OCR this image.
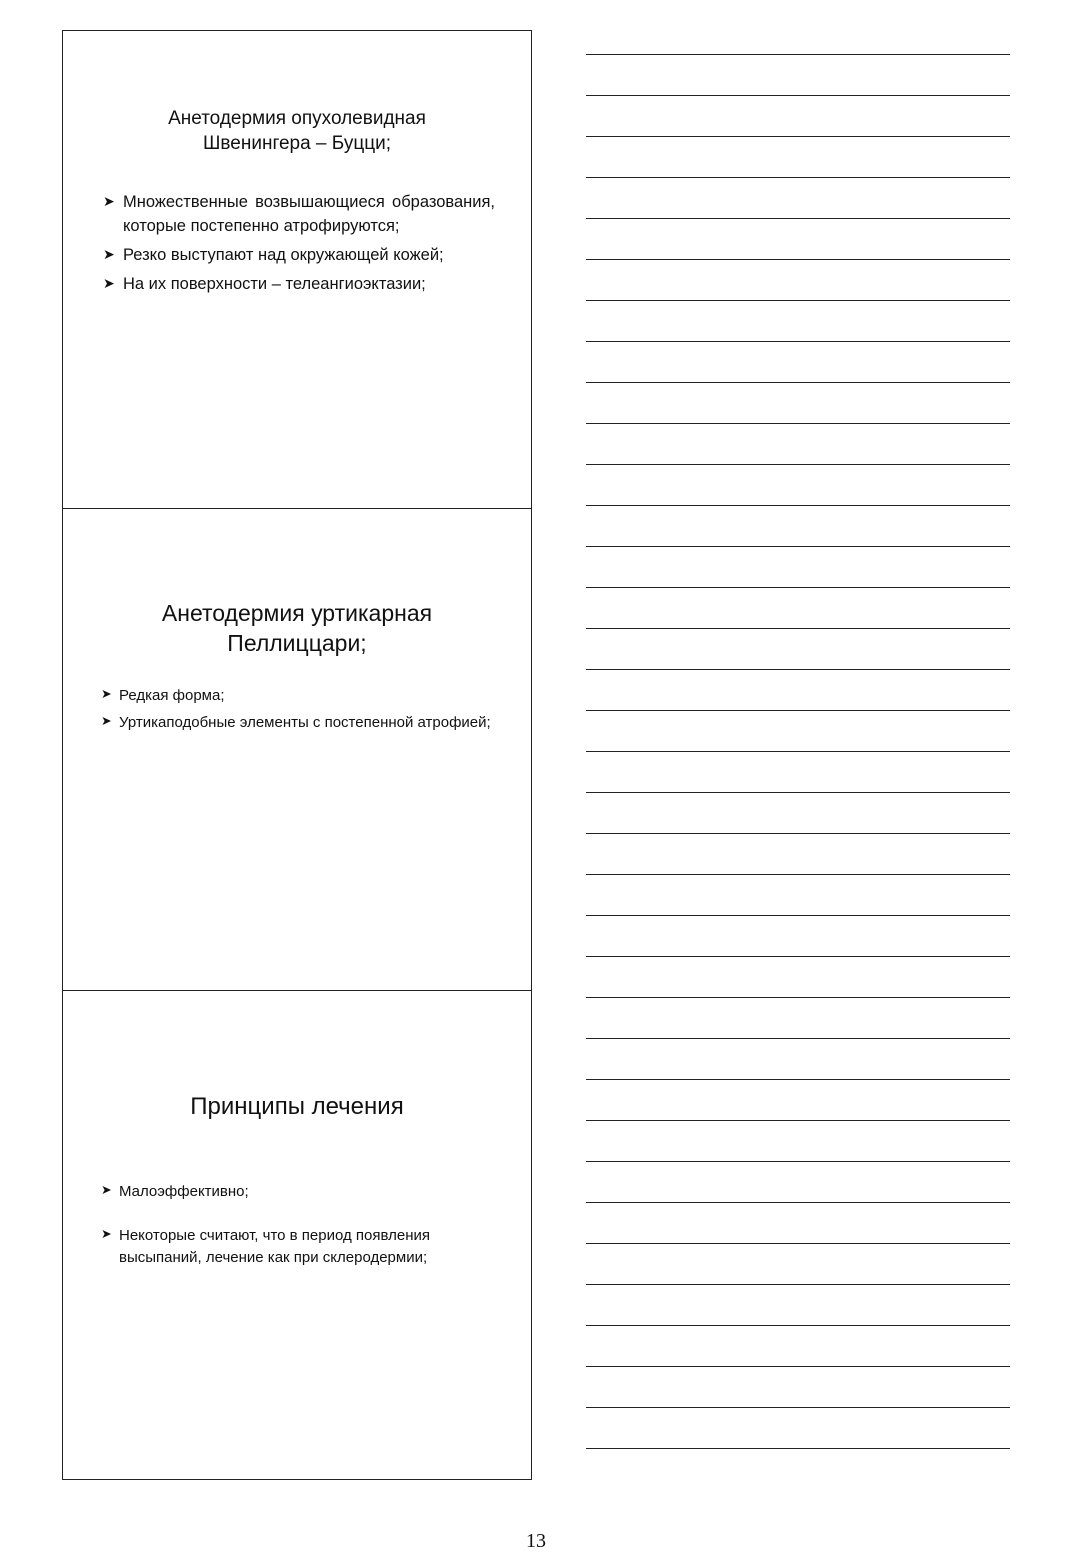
Анетодермия опухолевидная
Швенингера – Буцци;
➤ Множественные возвышающиеся образования, которые постепенно атрофируются;
➤ Резко выступают над окружающей кожей;
➤ На их поверхности – телеангиоэктазии;
Анетодермия уртикарная
Пеллиццари;
➤ Редкая форма;
➤ Уртикаподобные элементы с постепенной атрофией;
Принципы лечения
➤ Малоэффективно;
➤ Некоторые считают, что в период появления высыпаний, лечение как при склеродермии;
13
